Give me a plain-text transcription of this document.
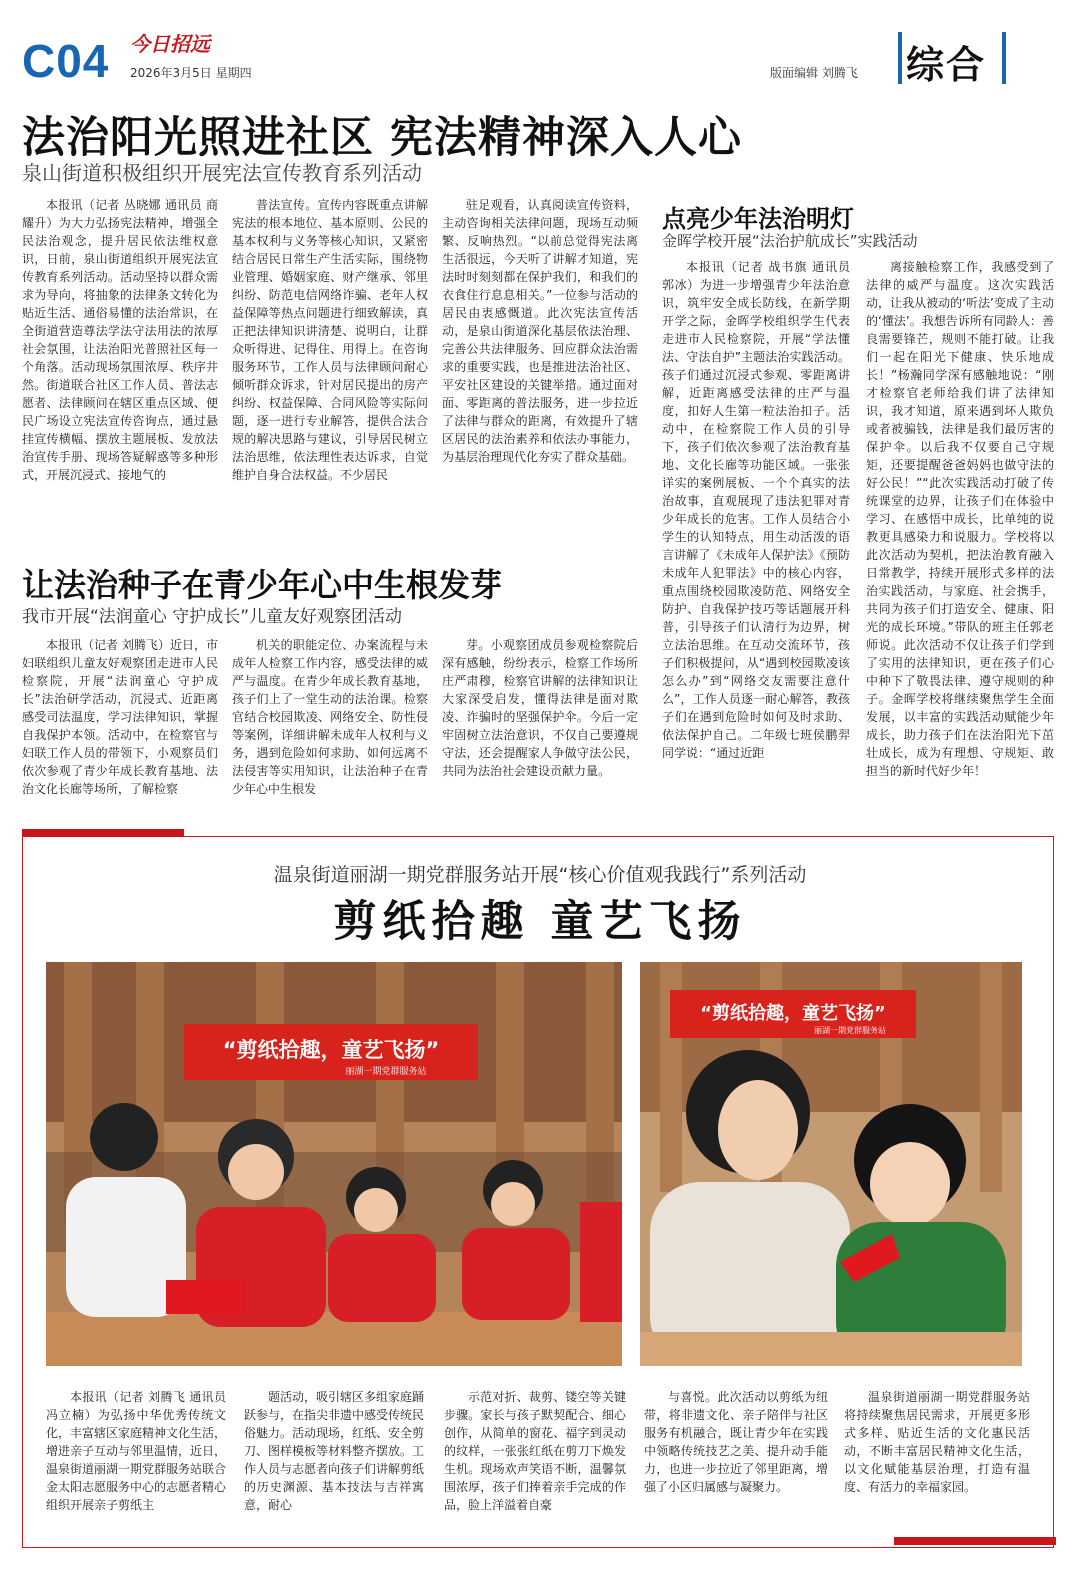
C04 今日招远
2026年3月5日 星期四	版面编辑 刘腾飞 综合
法治阳光照进社区 宪法精神深入人心
泉山街道积极组织开展宪法宣传教育系列活动

本报讯（记者 丛晓娜 通讯员 商耀升）为大力弘扬宪法精神，增强全民法治观念，提升居民依法维权意识，日前，泉山街道组织开展宪法宣传教育系列活动。活动坚持以群众需求为导向，将抽象的法律条文转化为贴近生活、通俗易懂的法治常识，在全街道营造尊法学法守法用法的浓厚社会氛围，让法治阳光普照社区每一个角落。活动现场氛围浓厚、秩序井然。街道联合社区工作人员、普法志愿者、法律顾问在辖区重点区域、便民广场设立宪法宣传咨询点，通过悬挂宣传横幅、摆放主题展板、发放法治宣传手册、现场答疑解惑等多种形式，开展沉浸式、接地气的

普法宣传。宣传内容既重点讲解宪法的根本地位、基本原则、公民的基本权利与义务等核心知识，又紧密结合居民日常生产生活实际，围绕物业管理、婚姻家庭、财产继承、邻里纠纷、防范电信网络诈骗、老年人权益保障等热点问题进行细致解读，真正把法律知识讲清楚、说明白，让群众听得进、记得住、用得上。在咨询服务环节，工作人员与法律顾问耐心倾听群众诉求，针对居民提出的房产纠纷、权益保障、合同风险等实际问题，逐一进行专业解答，提供合法合规的解决思路与建议，引导居民树立法治思维，依法理性表达诉求，自觉维护自身合法权益。不少居民

驻足观看，认真阅读宣传资料，主动咨询相关法律问题，现场互动频繁、反响热烈。“以前总觉得宪法离生活很远，今天听了讲解才知道，宪法时时刻刻都在保护我们，和我们的衣食住行息息相关。”一位参与活动的居民由衷感慨道。此次宪法宣传活动，是泉山街道深化基层依法治理、完善公共法律服务、回应群众法治需求的重要实践，也是推进法治社区、平安社区建设的关键举措。通过面对面、零距离的普法服务，进一步拉近了法律与群众的距离，有效提升了辖区居民的法治素养和依法办事能力，为基层治理现代化夯实了群众基础。

点亮少年法治明灯
金晖学校开展“法治护航成长”实践活动

本报讯（记者 战书旗 通讯员 郭冰）为进一步增强青少年法治意识，筑牢安全成长防线，在新学期开学之际，金晖学校组织学生代表走进市人民检察院，开展“学法懂法、守法自护”主题法治实践活动。孩子们通过沉浸式参观、零距离讲解，近距离感受法律的庄严与温度，扣好人生第一粒法治扣子。活动中，在检察院工作人员的引导下，孩子们依次参观了法治教育基地、文化长廊等功能区域。一张张详实的案例展板、一个个真实的法治故事，直观展现了违法犯罪对青少年成长的危害。工作人员结合小学生的认知特点，用生动活泼的语言讲解了《未成年人保护法》《预防未成年人犯罪法》中的核心内容，重点围绕校园欺凌防范、网络安全防护、自我保护技巧等话题展开科普，引导孩子们认清行为边界，树立法治思维。在互动交流环节，孩子们积极提问，从“遇到校园欺凌该怎么办”到“网络交友需要注意什么”，工作人员逐一耐心解答，教孩子们在遇到危险时如何及时求助、依法保护自己。二年级七班侯鹏羿同学说：“通过近距

离接触检察工作，我感受到了法律的威严与温度。这次实践活动，让我从被动的‘听法’变成了主动的‘懂法’。我想告诉所有同龄人：善良需要锋芒，规则不能打破。让我们一起在阳光下健康、快乐地成长！”杨瀚同学深有感触地说：“刚才检察官老师给我们讲了法律知识，我才知道，原来遇到坏人欺负或者被骗钱，法律是我们最厉害的保护伞。以后我不仅要自己守规矩，还要提醒爸爸妈妈也做守法的好公民！”“此次实践活动打破了传统课堂的边界，让孩子们在体验中学习、在感悟中成长，比单纯的说教更具感染力和说服力。学校将以此次活动为契机，把法治教育融入日常教学，持续开展形式多样的法治实践活动，与家庭、社会携手，共同为孩子们打造安全、健康、阳光的成长环境。”带队的班主任郭老师说。此次活动不仅让孩子们学到了实用的法律知识，更在孩子们心中种下了敬畏法律、遵守规则的种子。金晖学校将继续聚焦学生全面发展，以丰富的实践活动赋能少年成长，助力孩子们在法治阳光下茁壮成长，成为有理想、守规矩、敢担当的新时代好少年！

让法治种子在青少年心中生根发芽
我市开展“法润童心 守护成长”儿童友好观察团活动

本报讯（记者 刘腾飞）近日，市妇联组织儿童友好观察团走进市人民检察院，开展“法润童心 守护成长”法治研学活动，沉浸式、近距离感受司法温度，学习法律知识，掌握自我保护本领。活动中，在检察官与妇联工作人员的带领下，小观察员们依次参观了青少年成长教育基地、法治文化长廊等场所，了解检察

机关的职能定位、办案流程与未成年人检察工作内容，感受法律的威严与温度。在青少年成长教育基地，孩子们上了一堂生动的法治课。检察官结合校园欺凌、网络安全、防性侵等案例，详细讲解未成年人权利与义务，遇到危险如何求助、如何远离不法侵害等实用知识，让法治种子在青少年心中生根发

芽。小观察团成员参观检察院后深有感触，纷纷表示，检察工作场所庄严肃穆，检察官讲解的法律知识让大家深受启发，懂得法律是面对欺凌、诈骗时的坚强保护伞。今后一定牢固树立法治意识，不仅自己要遵规守法，还会提醒家人争做守法公民，共同为法治社会建设贡献力量。

温泉街道丽湖一期党群服务站开展“核心价值观我践行”系列活动
剪纸拾趣 童艺飞扬
“剪纸拾趣，童艺飞扬”
丽湖一期党群服务站
“剪纸拾趣，童艺飞扬”
丽湖一期党群服务站

本报讯（记者 刘腾飞 通讯员 冯立楠）为弘扬中华优秀传统文化，丰富辖区家庭精神文化生活，增进亲子互动与邻里温情，近日，温泉街道丽湖一期党群服务站联合金太阳志愿服务中心的志愿者精心组织开展亲子剪纸主

题活动，吸引辖区多组家庭踊跃参与，在指尖非遗中感受传统民俗魅力。活动现场，红纸、安全剪刀、图样模板等材料整齐摆放。工作人员与志愿者向孩子们讲解剪纸的历史渊源、基本技法与吉祥寓意，耐心

示范对折、裁剪、镂空等关键步骤。家长与孩子默契配合、细心创作，从简单的窗花、福字到灵动的纹样，一张张红纸在剪刀下焕发生机。现场欢声笑语不断，温馨氛围浓厚，孩子们捧着亲手完成的作品，脸上洋溢着自豪

与喜悦。此次活动以剪纸为纽带，将非遗文化、亲子陪伴与社区服务有机融合，既让青少年在实践中领略传统技艺之美、提升动手能力，也进一步拉近了邻里距离，增强了小区归属感与凝聚力。

温泉街道丽湖一期党群服务站将持续聚焦居民需求，开展更多形式多样、贴近生活的文化惠民活动，不断丰富居民精神文化生活，以文化赋能基层治理，打造有温度、有活力的幸福家园。
